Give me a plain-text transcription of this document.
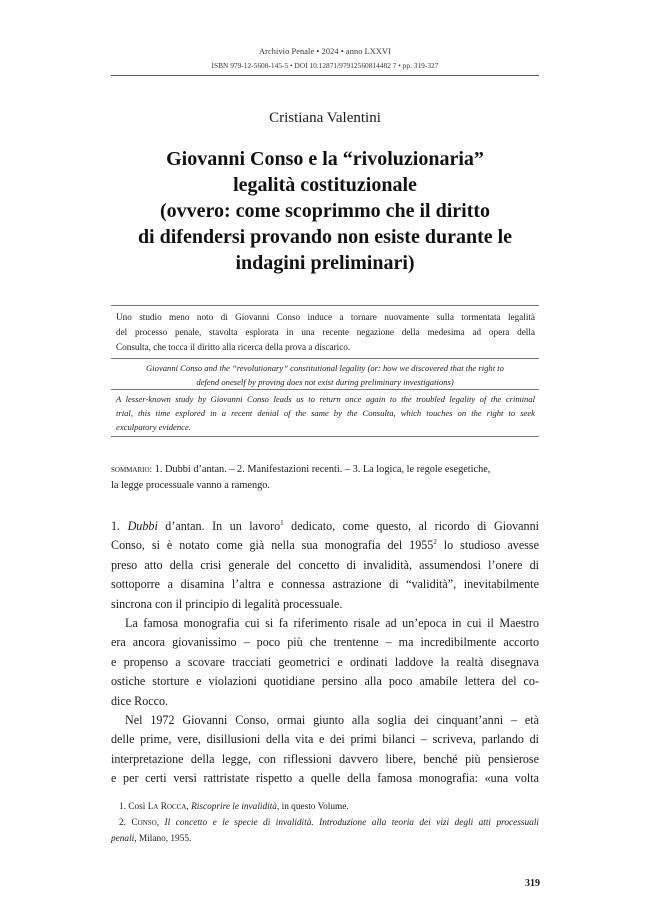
Archivio Penale • 2024 • anno LXXVI
ISBN 979-12-5608-145-5 • DOI 10.12871/97912560814482 7 • pp. 319-327
Cristiana Valentini
Giovanni Conso e la “rivoluzionaria”
legalità costituzionale
(ovvero: come scoprimmo che il diritto
di difendersi provando non esiste durante le
indagini preliminari)
Uno studio meno noto di Giovanni Conso induce a tornare nuovamente sulla tormentata legalità
del processo penale, stavolta esplorata in una recente negazione della medesima ad opera della
Consulta, che tocca il diritto alla ricerca della prova a discarico.
Giovanni Conso and the “revolutionary” constitutional legality (or: how we discovered that the right to
defend oneself by proving does not exist during preliminary investigations)
A lesser-known study by Giovanni Conso leads us to return once again to the troubled legality of the criminal
trial, this time explored in a recent denial of the same by the Consulta, which touches on the right to seek
exculpatory evidence.
sommario: 1. Dubbi d’antan. – 2. Manifestazioni recenti. – 3. La logica, le regole esegetiche,
la legge processuale vanno a ramengo.
1. Dubbi d’antan. In un lavoro$^1$ dedicato, come questo, al ricordo di Giovanni
Conso, si è notato come già nella sua monografia del 1955$^2$ lo studioso avesse
preso atto della crisi generale del concetto di invalidità, assumendosi l’onere di
sottoporre a disamina l’altra e connessa astrazione di “validità”, inevitabilmente
sincrona con il principio di legalità processuale.
La famosa monografia cui si fa riferimento risale ad un’epoca in cui il Maestro
era ancora giovanissimo – poco più che trentenne – ma incredibilmente accorto
e propenso a scovare tracciati geometrici e ordinati laddove la realtà disegnava
ostiche storture e violazioni quotidiane persino alla poco amabile lettera del co-
dice Rocco.
Nel 1972 Giovanni Conso, ormai giunto alla soglia dei cinquant’anni – età
delle prime, vere, disillusioni della vita e dei primi bilanci – scriveva, parlando di
interpretazione della legge, con riflessioni davvero libere, benché più pensierose
e per certi versi rattristate rispetto a quelle della famosa monografia: «una volta
1. Così La Rocca, Riscoprire le invalidità, in questo Volume.
2. Conso, Il concetto e le specie di invalidità. Introduzione alla teoria dei vizi degli atti processuali
penali, Milano, 1955.
319
